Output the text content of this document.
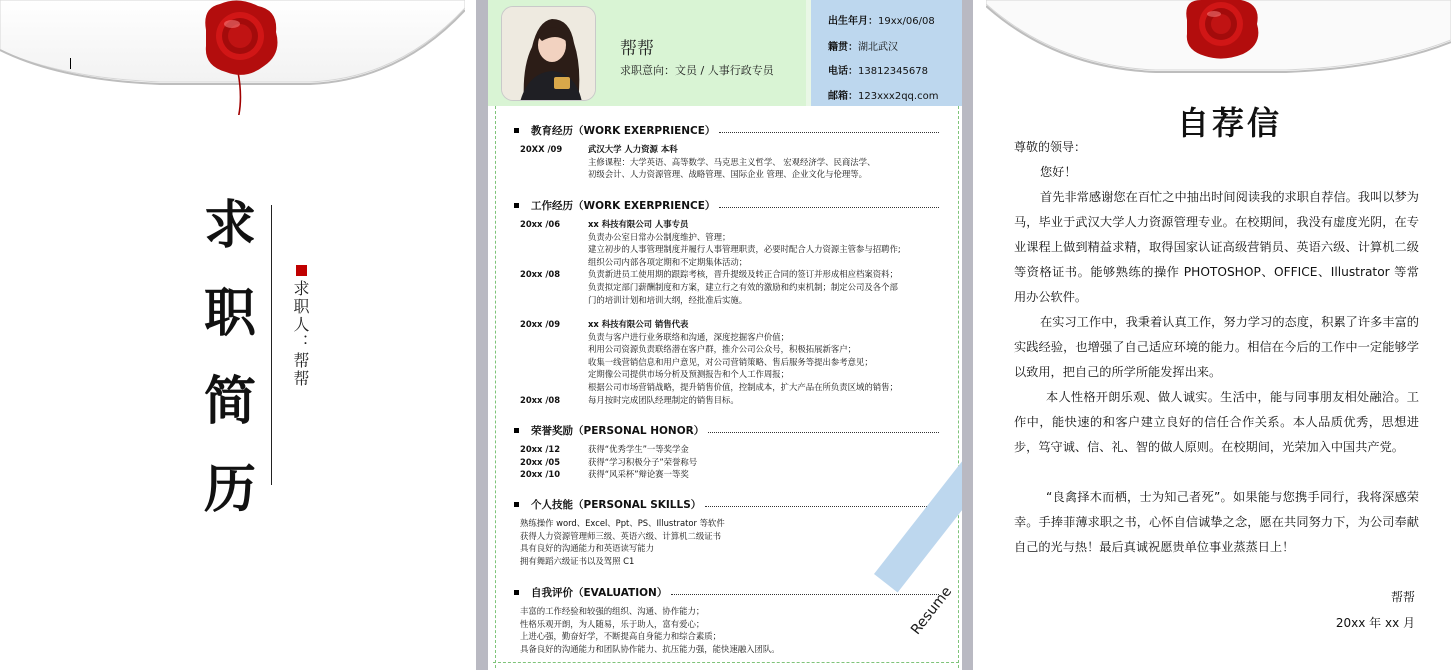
求
职
简
历
求职人：帮帮
帮帮
求职意向：文员 / 人事行政专员
出生年月：19xx/06/08
籍贯：湖北武汉
电话：13812345678
邮箱：123xxx2qq.com
教育经历（WORK EXERPRIENCE）
20XX /09	武汉大学 人力资源 本科
主修课程：大学英语、高等数学、马克思主义哲学、 宏观经济学、民商法学、
初级会计、人力资源管理、战略管理、国际企业 管理、企业文化与伦理等。
工作经历（WORK EXERPRIENCE）
20xx /06	xx 科技有限公司 人事专员
负责办公室日常办公制度维护、管理；
建立初步的人事管理制度并履行人事管理职责，必要时配合人力资源主管参与招聘作;
组织公司内部各项定期和不定期集体活动；
20xx /08	负责新进员工使用期的跟踪考核，晋升提级及转正合同的签订并形成相应档案资料；
负责拟定部门薪酬制度和方案，建立行之有效的激励和约束机制；制定公司及各个部
门的培训计划和培训大纲，经批准后实施。
20xx /09	xx 科技有限公司 销售代表
负责与客户进行业务联络和沟通，深度挖掘客户价值；
利用公司资源负责联络潜在客户群，推介公司公众号，积极拓展新客户；
收集一线营销信息和用户意见，对公司营销策略、售后服务等提出参考意见；
定期像公司提供市场分析及预测报告和个人工作周报；
根据公司市场营销战略，提升销售价值，控制成本，扩大产品在所负责区域的销售；
20xx /08	每月按时完成团队经理制定的销售目标。
荣誉奖励（PERSONAL HONOR）
20xx /12	获得“优秀学生”一等奖学金
20xx /05	获得“学习积极分子”荣誉称号
20xx /10	获得“风采杯”辩论赛一等奖
个人技能（PERSONAL SKILLS）
熟练操作 word、Excel、Ppt、PS、Illustrator 等软件
获得人力资源管理师三级、英语六级、计算机二级证书
具有良好的沟通能力和英语读写能力
拥有舞蹈六级证书以及驾照 C1
自我评价（EVALUATION）
丰富的工作经验和较强的组织、沟通、协作能力；
性格乐观开朗，为人随易，乐于助人，富有爱心；
上进心强，勤奋好学，不断提高自身能力和综合素质；
具备良好的沟通能力和团队协作能力、抗压能力强，能快速融入团队。
Resume
自荐信
尊敬的领导：
您好！
首先非常感谢您在百忙之中抽出时间阅读我的求职自荐信。我叫以梦为马，毕业于武汉大学人力资源管理专业。在校期间，我没有虚度光阴，在专业课程上做到精益求精，取得国家认证高级营销员、英语六级、计算机二级等资格证书。能够熟练的操作 PHOTOSHOP、OFFICE、Illustrator 等常用办公软件。
在实习工作中，我秉着认真工作，努力学习的态度，积累了许多丰富的实践经验，也增强了自己适应环境的能力。相信在今后的工作中一定能够学以致用，把自己的所学所能发挥出来。
本人性格开朗乐观、做人诚实。生活中，能与同事朋友相处融洽。工作中，能快速的和客户建立良好的信任合作关系。本人品质优秀，思想进步，笃守诚、信、礼、智的做人原则。在校期间，光荣加入中国共产党。
“良禽择木而栖，士为知己者死”。如果能与您携手同行，我将深感荣幸。手捧菲薄求职之书，心怀自信诚挚之念，愿在共同努力下，为公司奉献自己的光与热！最后真诚祝愿贵单位事业蒸蒸日上！
帮帮
20xx 年 xx 月
